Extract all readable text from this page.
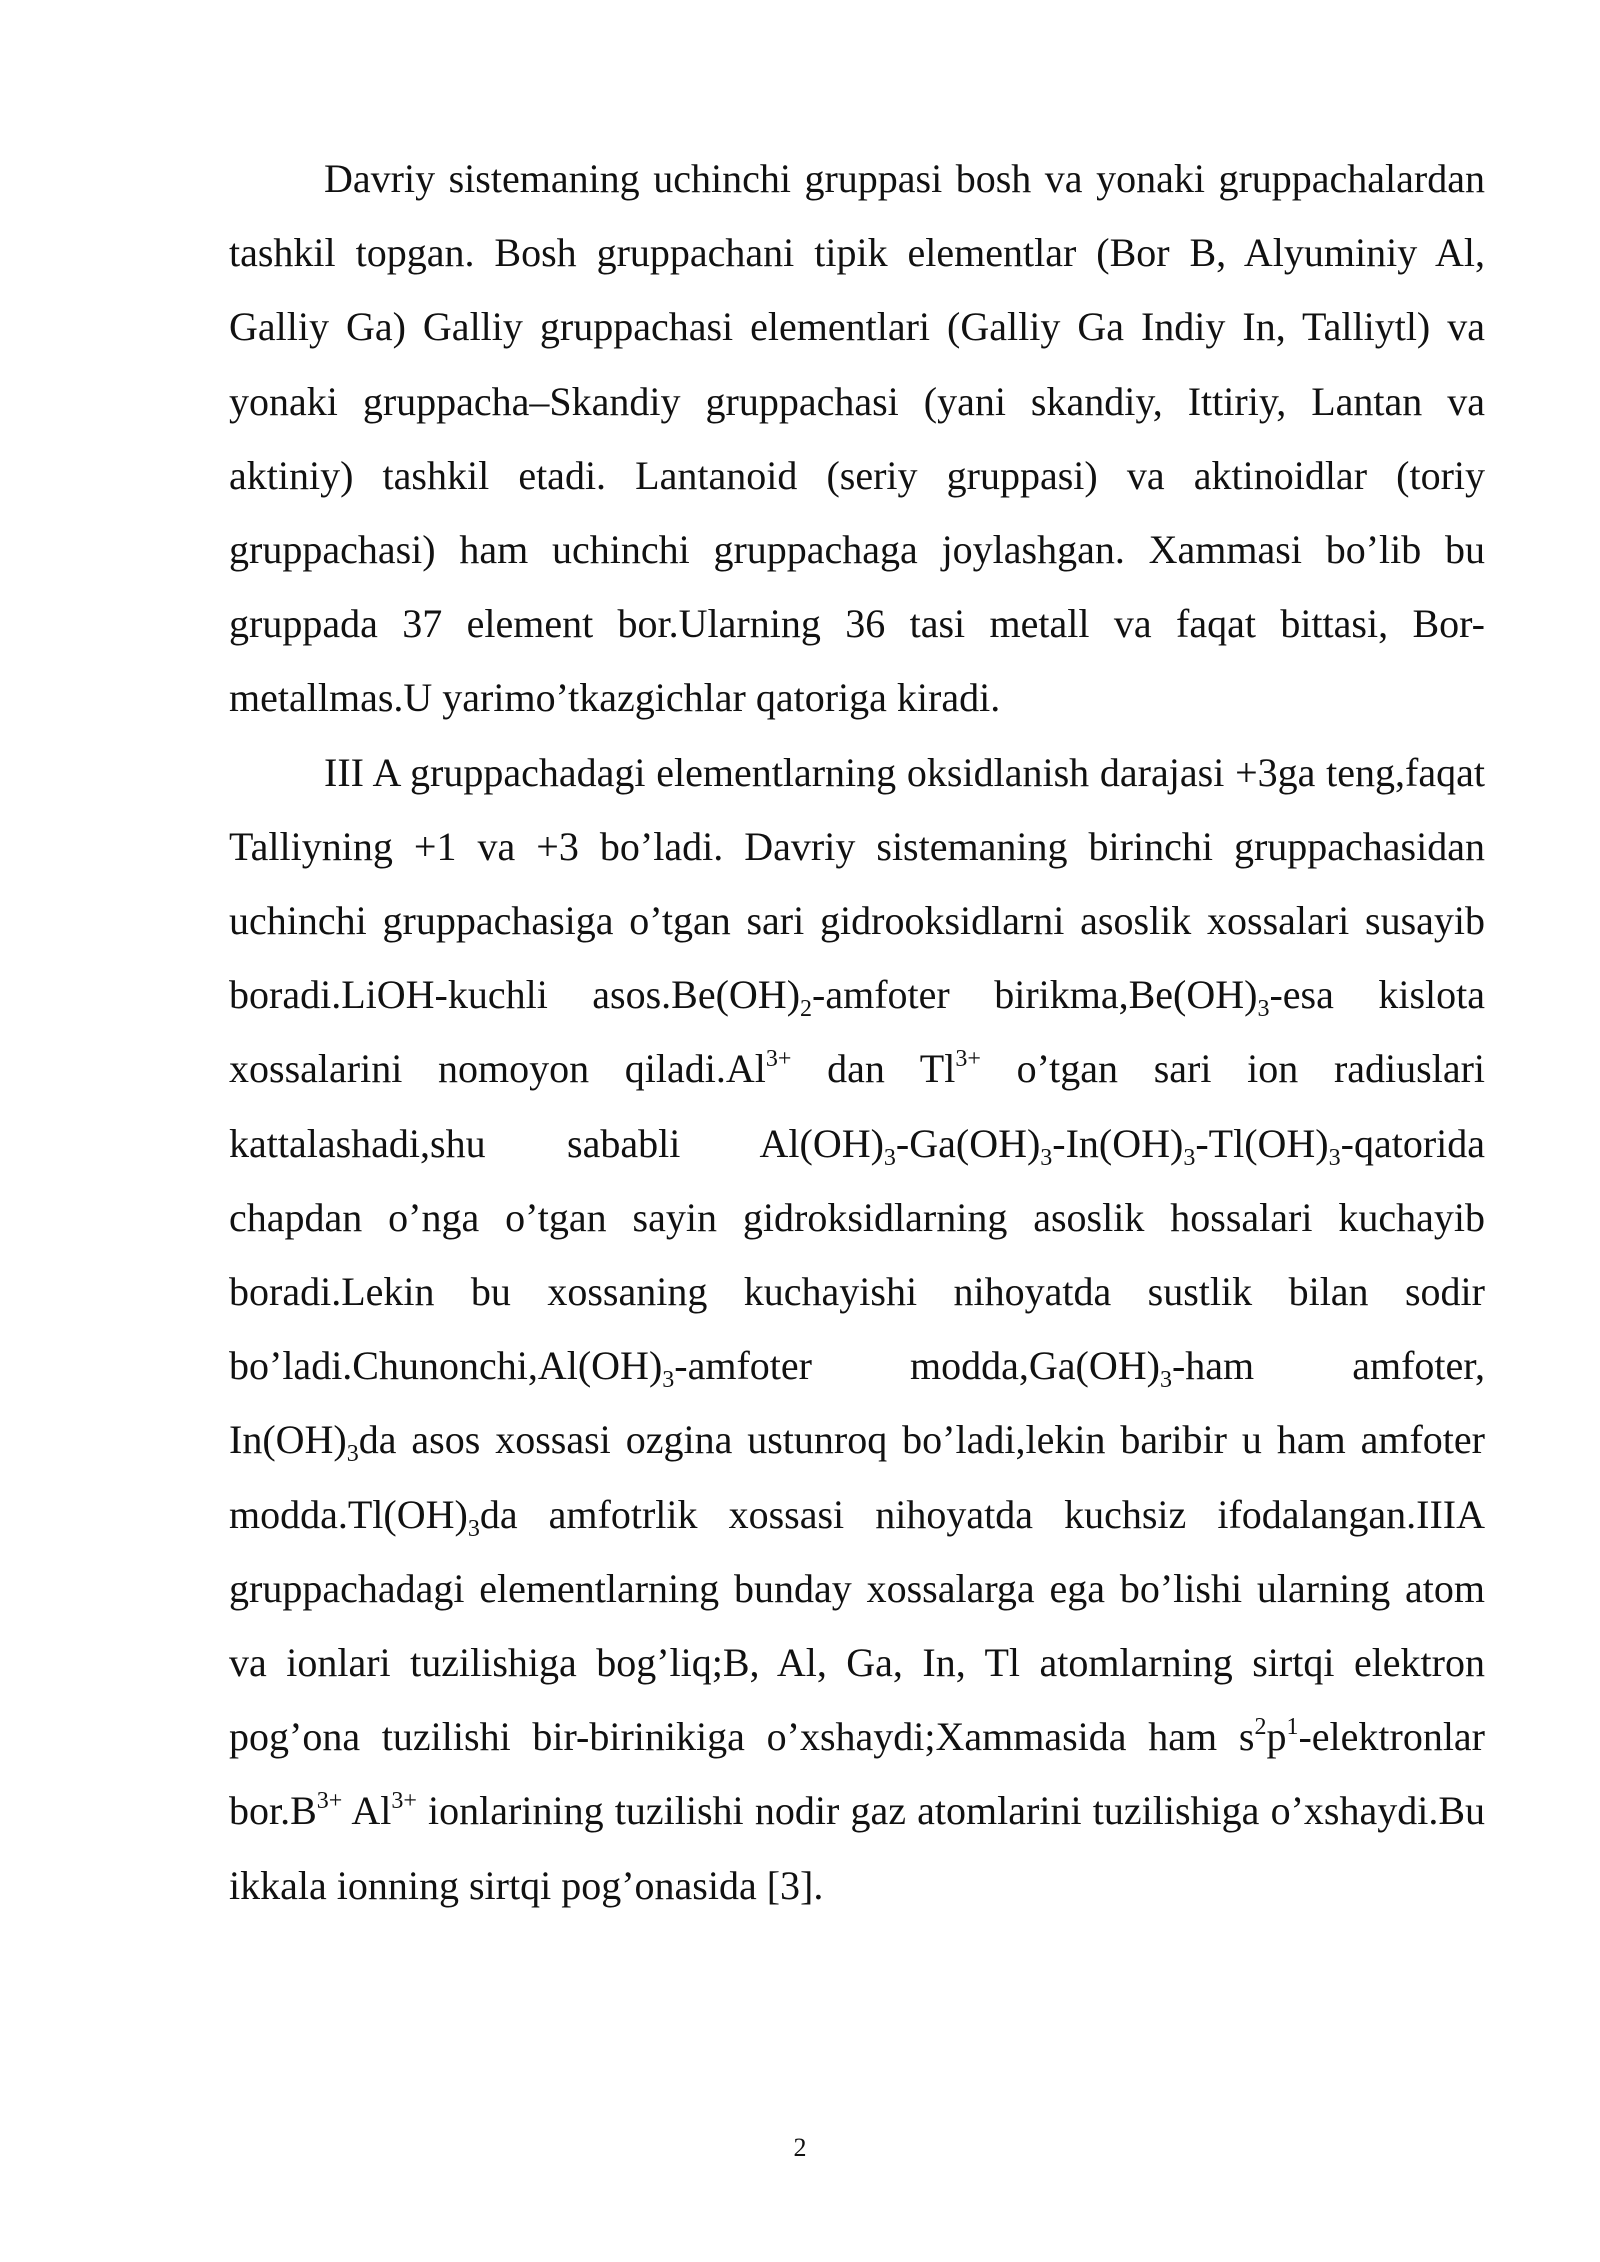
Davriy sistemaning uchinchi gruppasi bosh va yonaki gruppachalardan tashkil topgan. Bosh gruppachani tipik elementlar (Bor B, Alyuminiy Al, Galliy Ga) Galliy gruppachasi elementlari (Galliy Ga Indiy In, Talliytl) va yonaki gruppacha–Skandiy gruppachasi (yani skandiy, Ittiriy, Lantan va aktiniy) tashkil etadi. Lantanoid (seriy gruppasi) va aktinoidlar (toriy gruppachasi) ham uchinchi gruppachaga joylashgan. Xammasi bo’lib bu gruppada 37 element bor.Ularning 36 tasi metall va faqat bittasi, Bor-metallmas.U yarimo’tkazgichlar qatoriga kiradi.

III A gruppachadagi elementlarning oksidlanish darajasi +3ga teng,faqat Talliyning +1 va +3 bo’ladi. Davriy sistemaning birinchi gruppachasidan uchinchi gruppachasiga o’tgan sari gidrooksidlarni asoslik xossalari susayib boradi.LiOH-kuchli $asos.Be(OH)_2$-amfoter $birikma,Be(OH)_3$-esa kislota xossalarini nomoyon $qiladi.Al^{3+}$ dan $Tl^{3+}$ o’tgan sari ion radiuslari kattalashadi,shu sababli $Al(OH)_3-Ga(OH)_3-In(OH)_3-Tl(OH)_3$-qatorida chapdan o’nga o’tgan sayin gidroksidlarning asoslik hossalari kuchayib boradi.Lekin bu xossaning kuchayishi nihoyatda sustlik bilan sodir $bo’ladi.Chunonchi,Al(OH)_3$-amfoter $modda,Ga(OH)_3$-ham amfoter, $In(OH)_3da$ asos xossasi ozgina ustunroq bo’ladi,lekin baribir u ham amfoter $modda.Tl(OH)_3da$ amfotrlik xossasi nihoyatda kuchsiz ifodalangan.IIIA gruppachadagi elementlarning bunday xossalarga ega bo’lishi ularning atom va ionlari tuzilishiga bog’liq;B, Al, Ga, In, Tl atomlarning sirtqi elektron pog’ona tuzilishi bir-birinikiga o’xshaydi;Xammasida ham $s^2p^1$-elektronlar $bor.B^{3+}$ $Al^{3+}$ ionlarining tuzilishi nodir gaz atomlarini tuzilishiga o’xshaydi.Bu ikkala ionning sirtqi pog’onasida [3].

2
